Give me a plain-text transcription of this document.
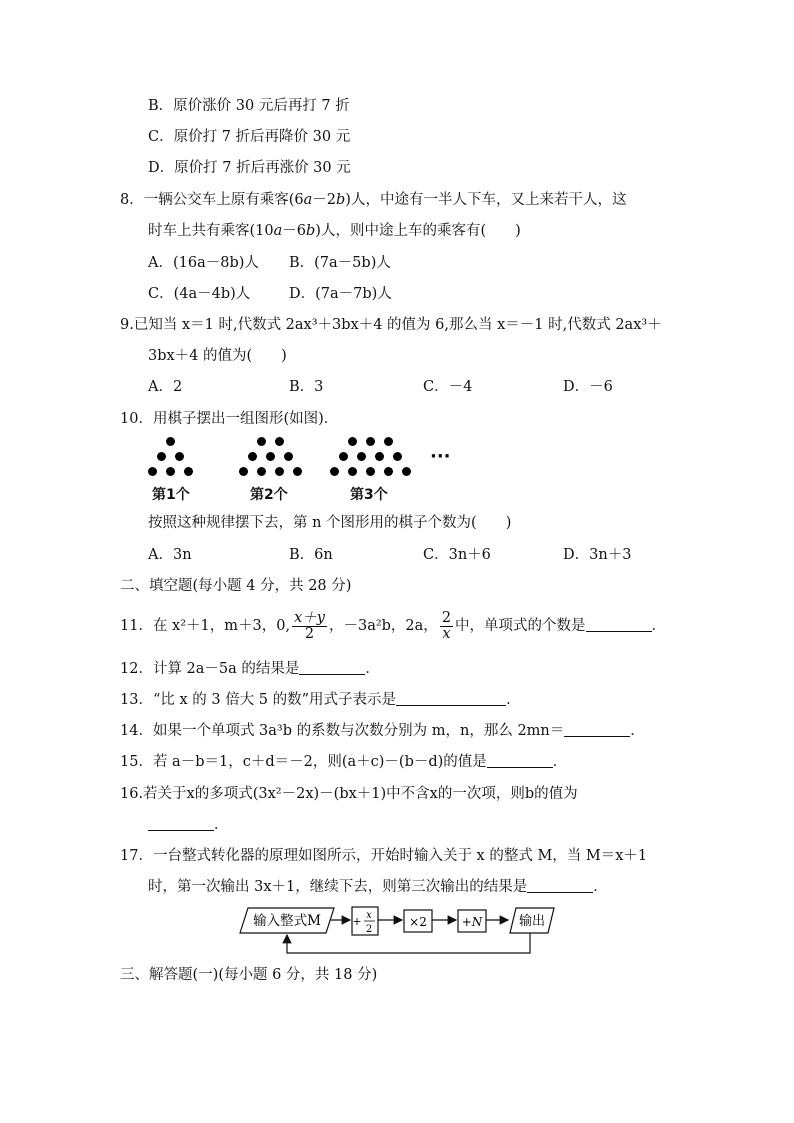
B．原价涨价 30 元后再打 7 折
C．原价打 7 折后再降价 30 元
D．原价打 7 折后再涨价 30 元
8．一辆公交车上原有乘客(6a－2b)人，中途有一半人下车，又上来若干人，这
时车上共有乘客(10a－6b)人，则中途上车的乘客有(　　)
A．(16a－8b)人 B．(7a－5b)人
C．(4a－4b)人	D．(7a－7b)人
9.已知当 x＝1 时,代数式 2ax³＋3bx＋4 的值为 6,那么当 x＝－1 时,代数式 2ax³＋
3bx＋4 的值为(　　)
A．2	B．3	C．－4	D．－6
10．用棋子摆出一组图形(如图)．
···
第1个	第2个	第3个
按照这种规律摆下去，第 n 个图形用的棋子个数为(　　)
A．3n	B．6n	C．3n＋6	D．3n＋3
二、填空题(每小题 4 分，共 28 分)
11．在 x²＋1，m＋3，0, $\frac{x+y}{2}$ ，－3a²b，2a， $\frac{2}{x}$ 中，单项式的个数是	．
12．计算 2a－5a 的结果是	．
13．“比 x 的 3 倍大 5 的数”用式子表示是	．
14．如果一个单项式 3a³b 的系数与次数分别为 m，n，那么 2mn＝	．
15．若 a－b＝1，c＋d＝－2，则(a＋c)－(b－d)的值是	．
16.若关于x的多项式(3x²－2x)－(bx＋1)中不含x的一次项，则b的值为
．
17．一台整式转化器的原理如图所示，开始时输入关于 x 的整式 M，当 M＝x＋1
时，第一次输出 3x＋1，继续下去，则第三次输出的结果是	．
输入整式M	+ x
2
×2	+N	输出
三、解答题(一)(每小题 6 分，共 18 分)
